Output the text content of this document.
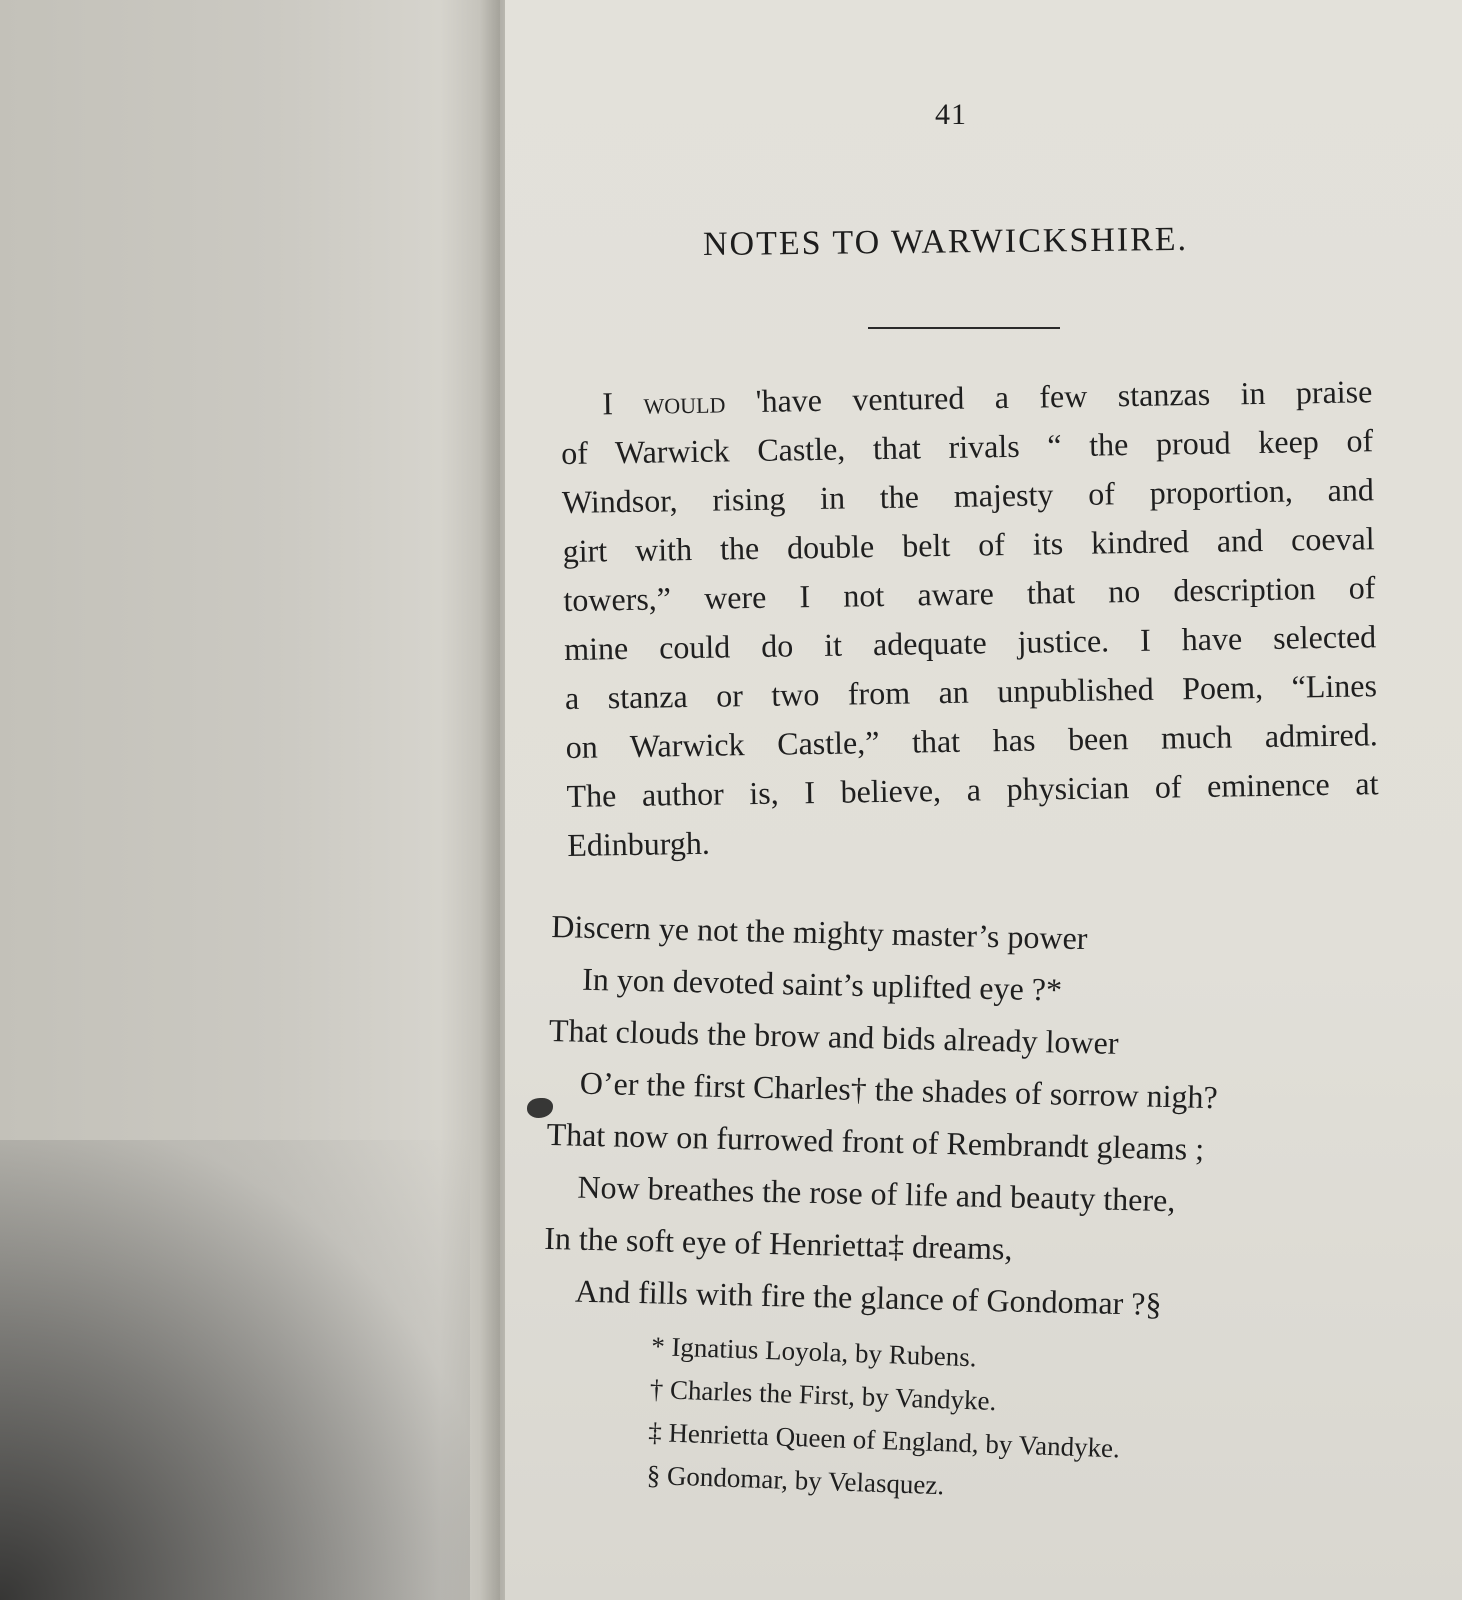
41
NOTES TO WARWICKSHIRE.
I would 'have ventured a few stanzas in praise
of Warwick Castle, that rivals “ the proud keep of
Windsor, rising in the majesty of proportion, and
girt with the double belt of its kindred and coeval
towers,” were I not aware that no description of
mine could do it adequate justice. I have selected
a stanza or two from an unpublished Poem, “Lines
on Warwick Castle,” that has been much admired.
The author is, I believe, a physician of eminence at
Edinburgh.
Discern ye not the mighty master’s power
In yon devoted saint’s uplifted eye ?*
That clouds the brow and bids already lower
O’er the first Charles† the shades of sorrow nigh?
That now on furrowed front of Rembrandt gleams ;
Now breathes the rose of life and beauty there,
In the soft eye of Henrietta‡ dreams,
And fills with fire the glance of Gondomar ?§
* Ignatius Loyola, by Rubens.
† Charles the First, by Vandyke.
‡ Henrietta Queen of England, by Vandyke.
§ Gondomar, by Velasquez.
